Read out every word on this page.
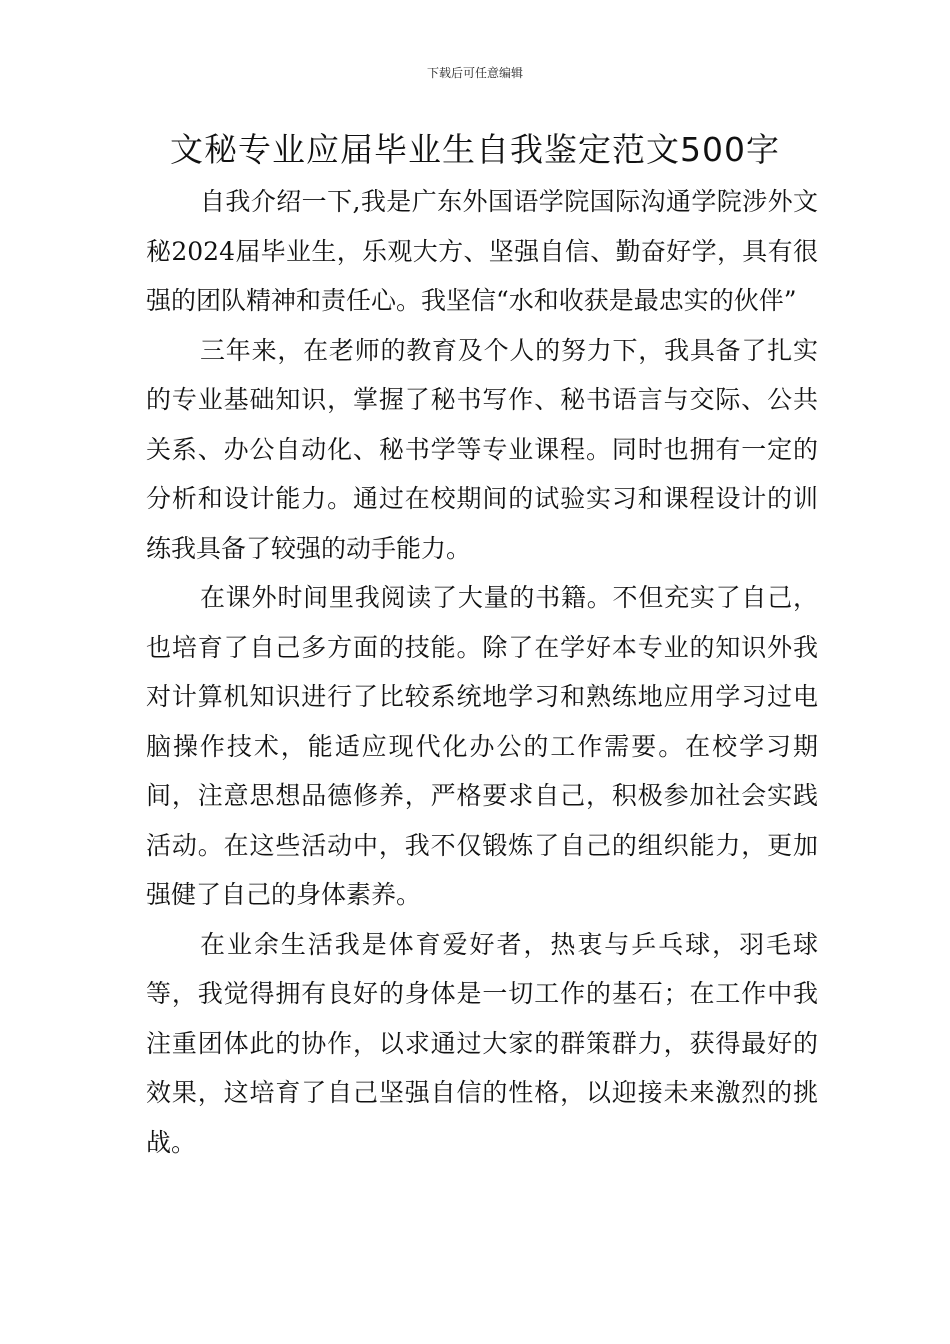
下载后可任意编辑
文秘专业应届毕业生自我鉴定范文500字

自我介绍一下,我是广东外国语学院国际沟通学院涉外文秘2024届毕业生，乐观大方、坚强自信、勤奋好学，具有很强的团队精神和责任心。我坚信“水和收获是最忠实的伙伴”

三年来，在老师的教育及个人的努力下，我具备了扎实的专业基础知识，掌握了秘书写作、秘书语言与交际、公共关系、办公自动化、秘书学等专业课程。同时也拥有一定的分析和设计能力。通过在校期间的试验实习和课程设计的训练我具备了较强的动手能力。

在课外时间里我阅读了大量的书籍。不但充实了自己，也培育了自己多方面的技能。除了在学好本专业的知识外我对计算机知识进行了比较系统地学习和熟练地应用学习过电脑操作技术，能适应现代化办公的工作需要。在校学习期间，注意思想品德修养，严格要求自己，积极参加社会实践活动。在这些活动中，我不仅锻炼了自己的组织能力，更加强健了自己的身体素养。

在业余生活我是体育爱好者，热衷与乒乓球，羽毛球等，我觉得拥有良好的身体是一切工作的基石；在工作中我注重团体此的协作，以求通过大家的群策群力，获得最好的效果，这培育了自己坚强自信的性格，以迎接未来激烈的挑战。
